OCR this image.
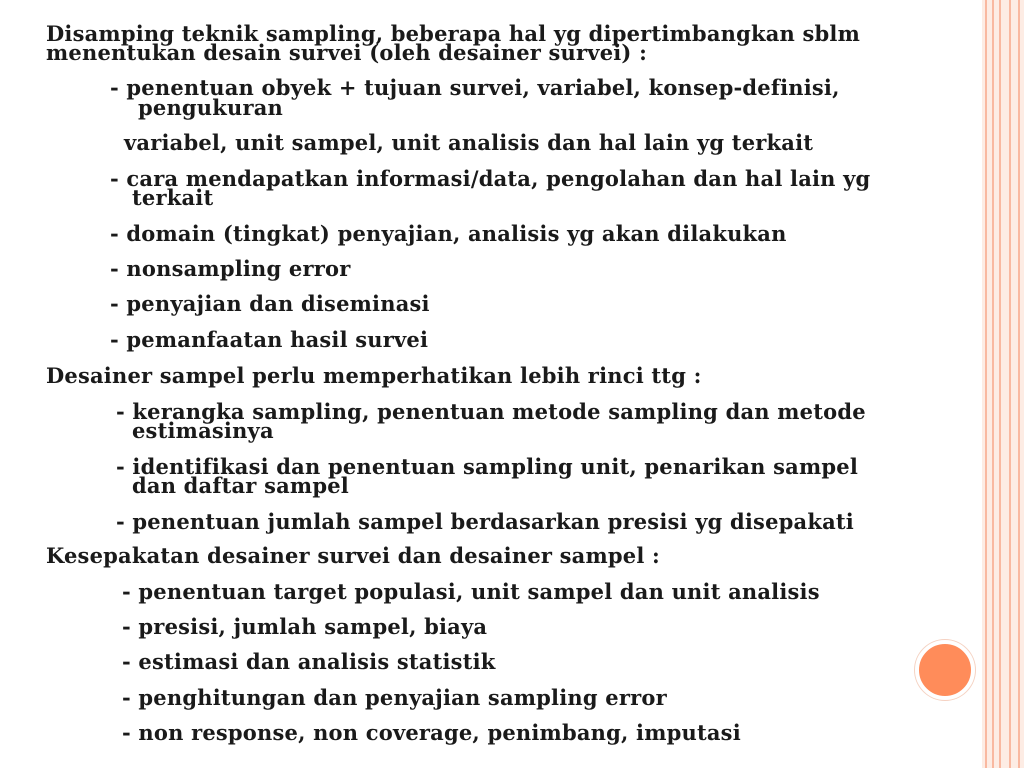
Disamping teknik sampling, beberapa hal yg dipertimbangkan sblm

menentukan desain survei (oleh desainer survei) :

- penentuan obyek + tujuan survei, variabel, konsep-definisi,

pengukuran

variabel, unit sampel, unit analisis dan hal lain yg terkait

- cara mendapatkan informasi/data, pengolahan dan hal lain yg

terkait

- domain (tingkat) penyajian, analisis yg akan dilakukan

- nonsampling error

- penyajian dan diseminasi

- pemanfaatan hasil survei

Desainer sampel perlu memperhatikan lebih rinci ttg :

- kerangka sampling, penentuan metode sampling dan metode

estimasinya

- identifikasi dan penentuan sampling unit, penarikan sampel

dan daftar sampel

- penentuan jumlah sampel berdasarkan presisi yg disepakati

Kesepakatan desainer survei dan desainer sampel :

- penentuan target populasi, unit sampel dan unit analisis

- presisi, jumlah sampel, biaya

- estimasi dan analisis statistik

- penghitungan dan penyajian sampling error

- non response, non coverage, penimbang, imputasi
